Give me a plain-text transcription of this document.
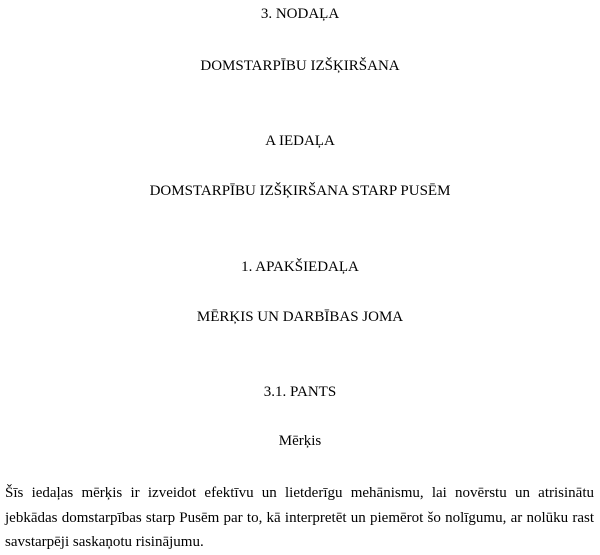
3. NODAĻA
DOMSTARPĪBU IZŠĶIRŠANA
A IEDAĻA
DOMSTARPĪBU IZŠĶIRŠANA STARP PUSĒM
1. APAKŠIEDAĻA
MĒRĶIS UN DARBĪBAS JOMA
3.1. PANTS
Mērķis
Šīs iedaļas mērķis ir izveidot efektīvu un lietderīgu mehānismu, lai novērstu un atrisinātu jebkādas domstarpības starp Pusēm par to, kā interpretēt un piemērot šo nolīgumu, ar nolūku rast savstarpēji saskaņotu risinājumu.
